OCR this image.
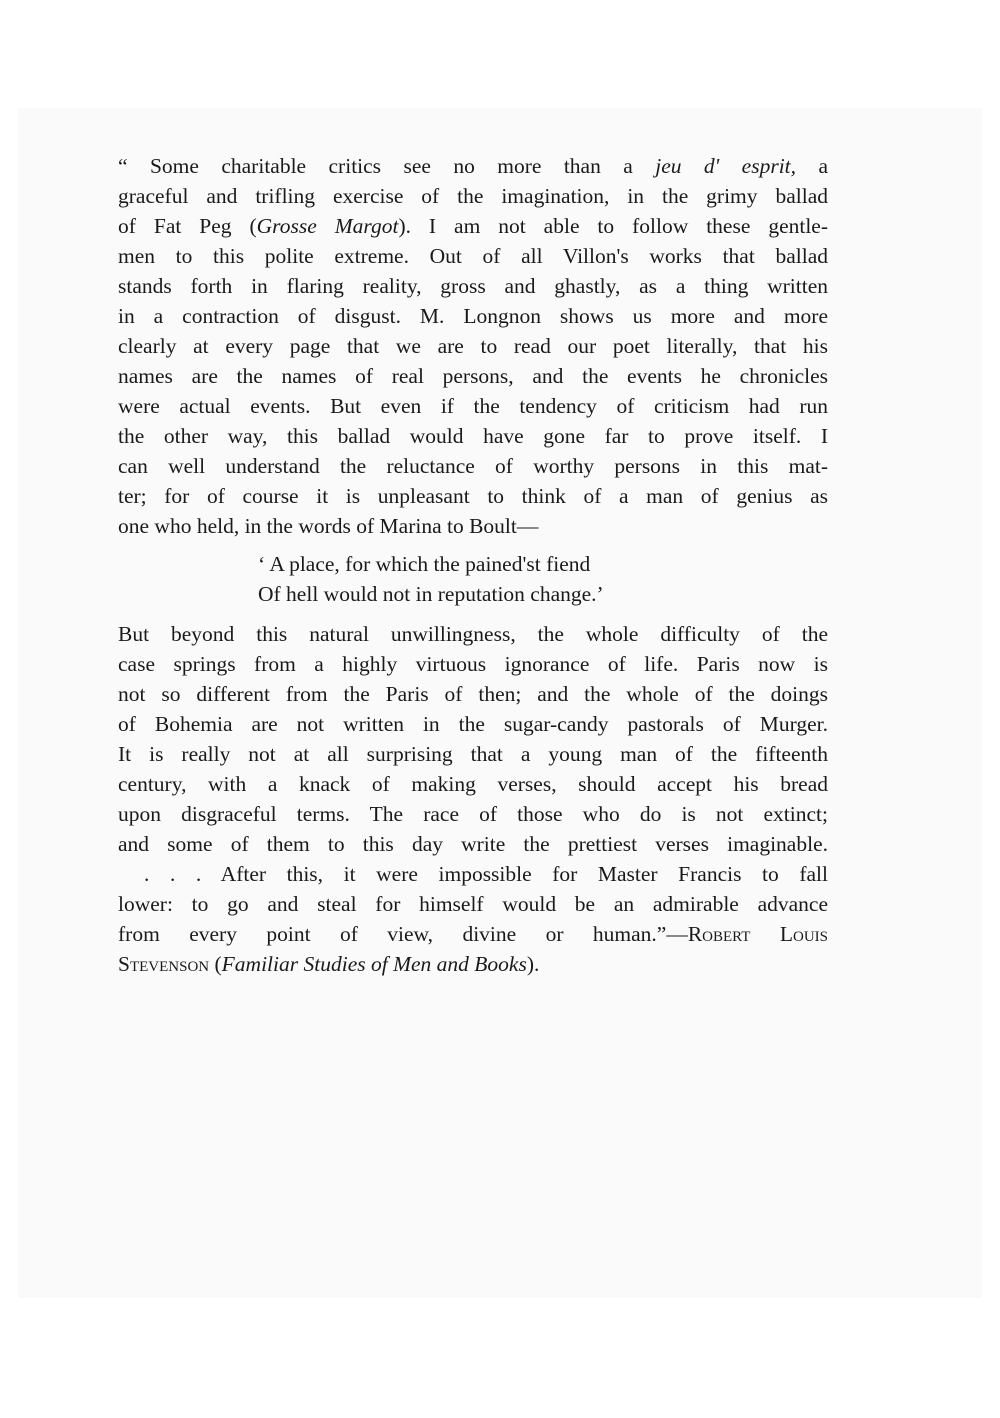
“ Some charitable critics see no more than a jeu d' esprit, a
graceful and trifling exercise of the imagination, in the grimy ballad
of Fat Peg (Grosse Margot). I am not able to follow these gentle-
men to this polite extreme. Out of all Villon's works that ballad
stands forth in flaring reality, gross and ghastly, as a thing written
in a contraction of disgust. M. Longnon shows us more and more
clearly at every page that we are to read our poet literally, that his
names are the names of real persons, and the events he chronicles
were actual events. But even if the tendency of criticism had run
the other way, this ballad would have gone far to prove itself. I
can well understand the reluctance of worthy persons in this mat-
ter; for of course it is unpleasant to think of a man of genius as
one who held, in the words of Marina to Boult—
‘ A place, for which the pained'st fiend
Of hell would not in reputation change.’
But beyond this natural unwillingness, the whole difficulty of the
case springs from a highly virtuous ignorance of life. Paris now is
not so different from the Paris of then; and the whole of the doings
of Bohemia are not written in the sugar-candy pastorals of Murger.
It is really not at all surprising that a young man of the fifteenth
century, with a knack of making verses, should accept his bread
upon disgraceful terms. The race of those who do is not extinct;
and some of them to this day write the prettiest verses imaginable.
. . . After this, it were impossible for Master Francis to fall
lower: to go and steal for himself would be an admirable advance
from every point of view, divine or human.”—Robert Louis
Stevenson (Familiar Studies of Men and Books).
